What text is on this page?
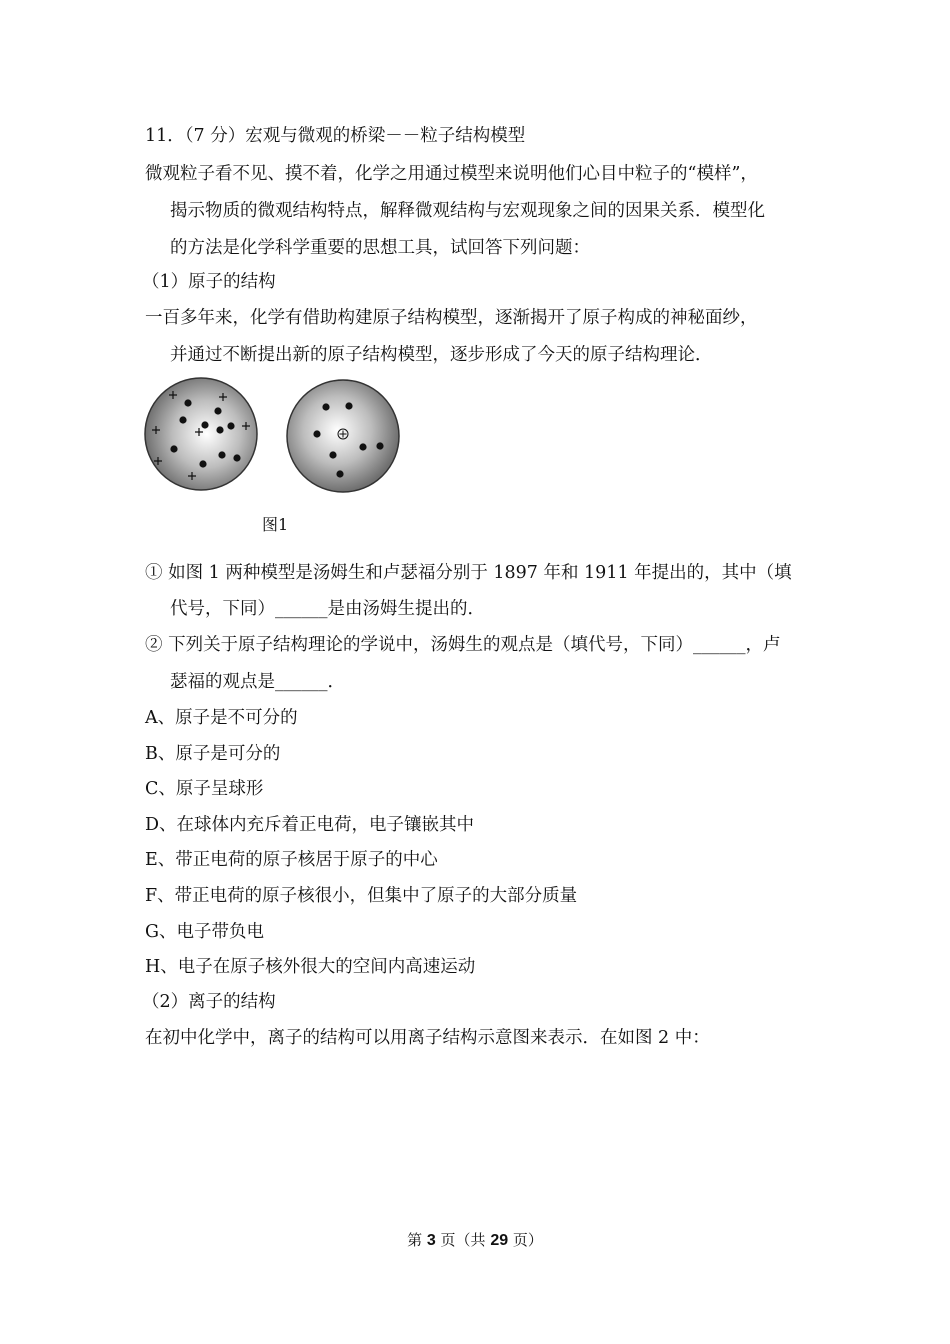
11．（7 分）宏观与微观的桥梁－－粒子结构模型
微观粒子看不见、摸不着，化学之用通过模型来说明他们心目中粒子的“模样”，
揭示物质的微观结构特点，解释微观结构与宏观现象之间的因果关系．模型化
的方法是化学科学重要的思想工具，试回答下列问题：
（1）原子的结构
一百多年来，化学有借助构建原子结构模型，逐渐揭开了原子构成的神秘面纱，
并通过不断提出新的原子结构模型，逐步形成了今天的原子结构理论．
图1
① 如图 1 两种模型是汤姆生和卢瑟福分别于 1897 年和 1911 年提出的，其中（填
代号，下同）______是由汤姆生提出的．
② 下列关于原子结构理论的学说中，汤姆生的观点是（填代号，下同）______，卢
瑟福的观点是______．
A、原子是不可分的
B、原子是可分的
C、原子呈球形
D、在球体内充斥着正电荷，电子镶嵌其中
E、带正电荷的原子核居于原子的中心
F、带正电荷的原子核很小，但集中了原子的大部分质量
G、电子带负电
H、电子在原子核外很大的空间内高速运动
（2）离子的结构
在初中化学中，离子的结构可以用离子结构示意图来表示．在如图 2 中：
第 3 页（共 29 页）
